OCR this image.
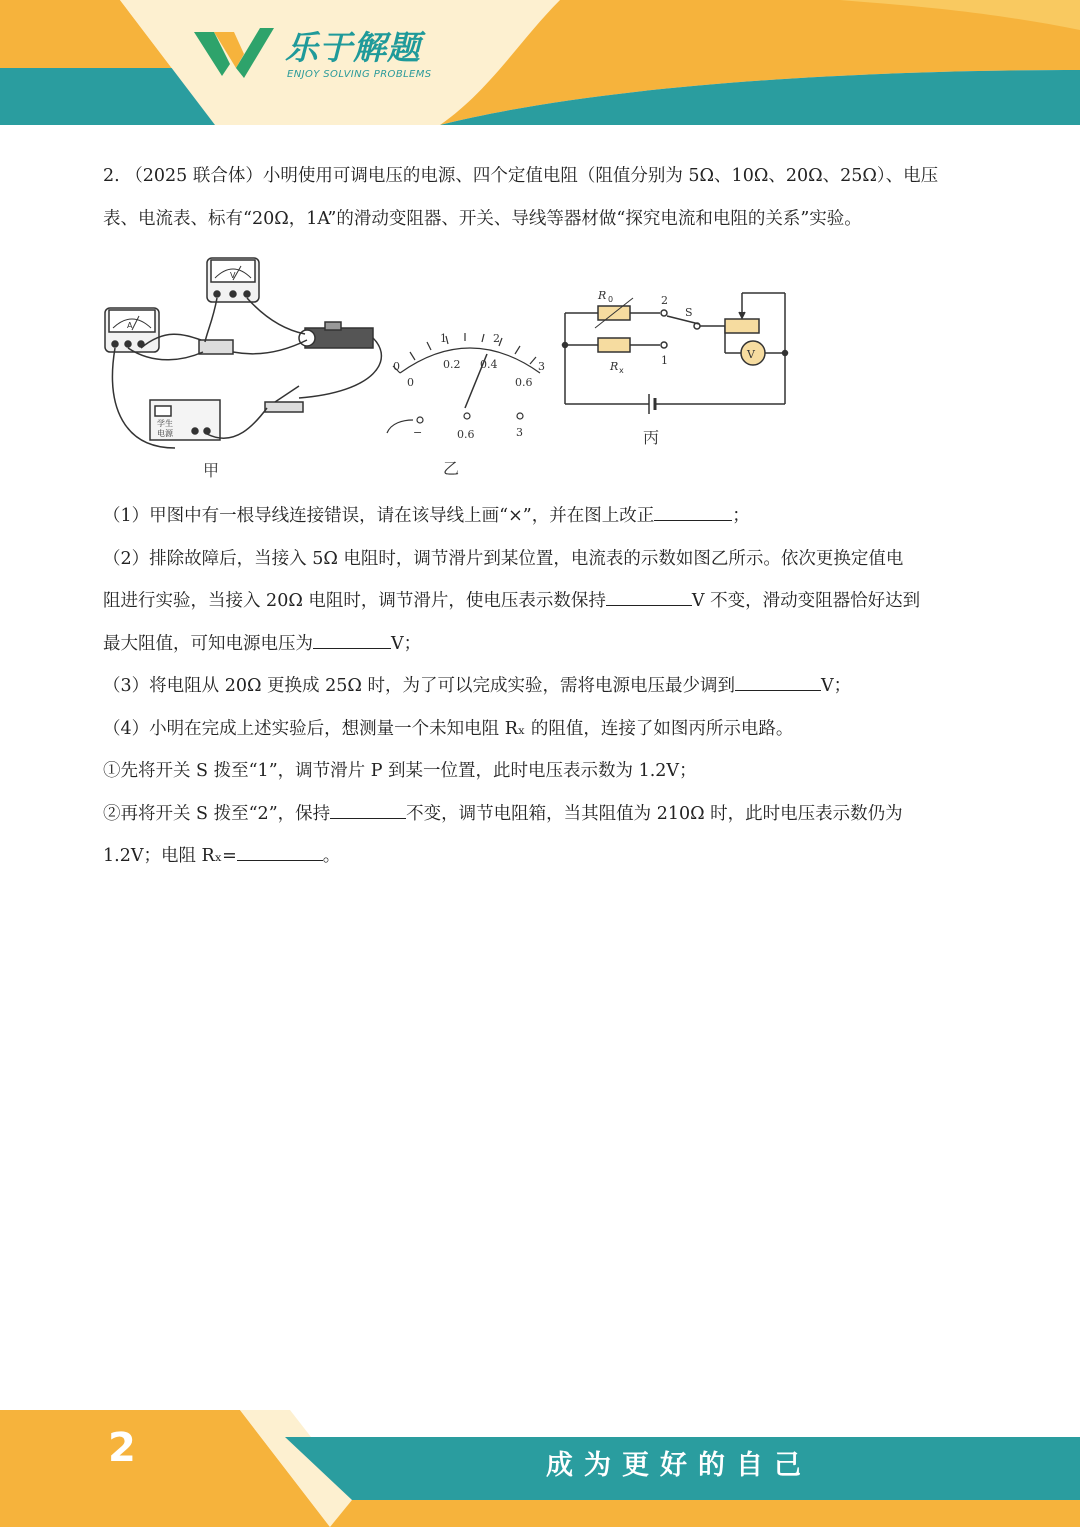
乐于解题
ENJOY SOLVING PROBLEMS
甲
A
V
学生
电源
0
1	2
3
0
0.2 0.4
0.6
−	0.6	3
乙
R 0
R x
2
1
S
V
丙
2. （2025 联合体）小明使用可调电压的电源、四个定值电阻（阻值分别为 5Ω、10Ω、20Ω、25Ω）、电压
表、电流表、标有“20Ω，1A”的滑动变阻器、开关、导线等器材做“探究电流和电阻的关系”实验。
（1）甲图中有一根导线连接错误，请在该导线上画“×”，并在图上改正	；
（2）排除故障后，当接入 5Ω 电阻时，调节滑片到某位置，电流表的示数如图乙所示。依次更换定值电
阻进行实验，当接入 20Ω 电阻时，调节滑片，使电压表示数保持	V 不变，滑动变阻器恰好达到
最大阻值，可知电源电压为	V；
（3）将电阻从 20Ω 更换成 25Ω 时，为了可以完成实验，需将电源电压最少调到	V；
（4）小明在完成上述实验后，想测量一个未知电阻 Rₓ 的阻值，连接了如图丙所示电路。
①先将开关 S 拨至“1”，调节滑片 P 到某一位置，此时电压表示数为 1.2V；
②再将开关 S 拨至“2”，保持	不变，调节电阻箱，当其阻值为 210Ω 时，此时电压表示数仍为
1.2V；电阻 Rₓ=	。
2	成为更好的自己
